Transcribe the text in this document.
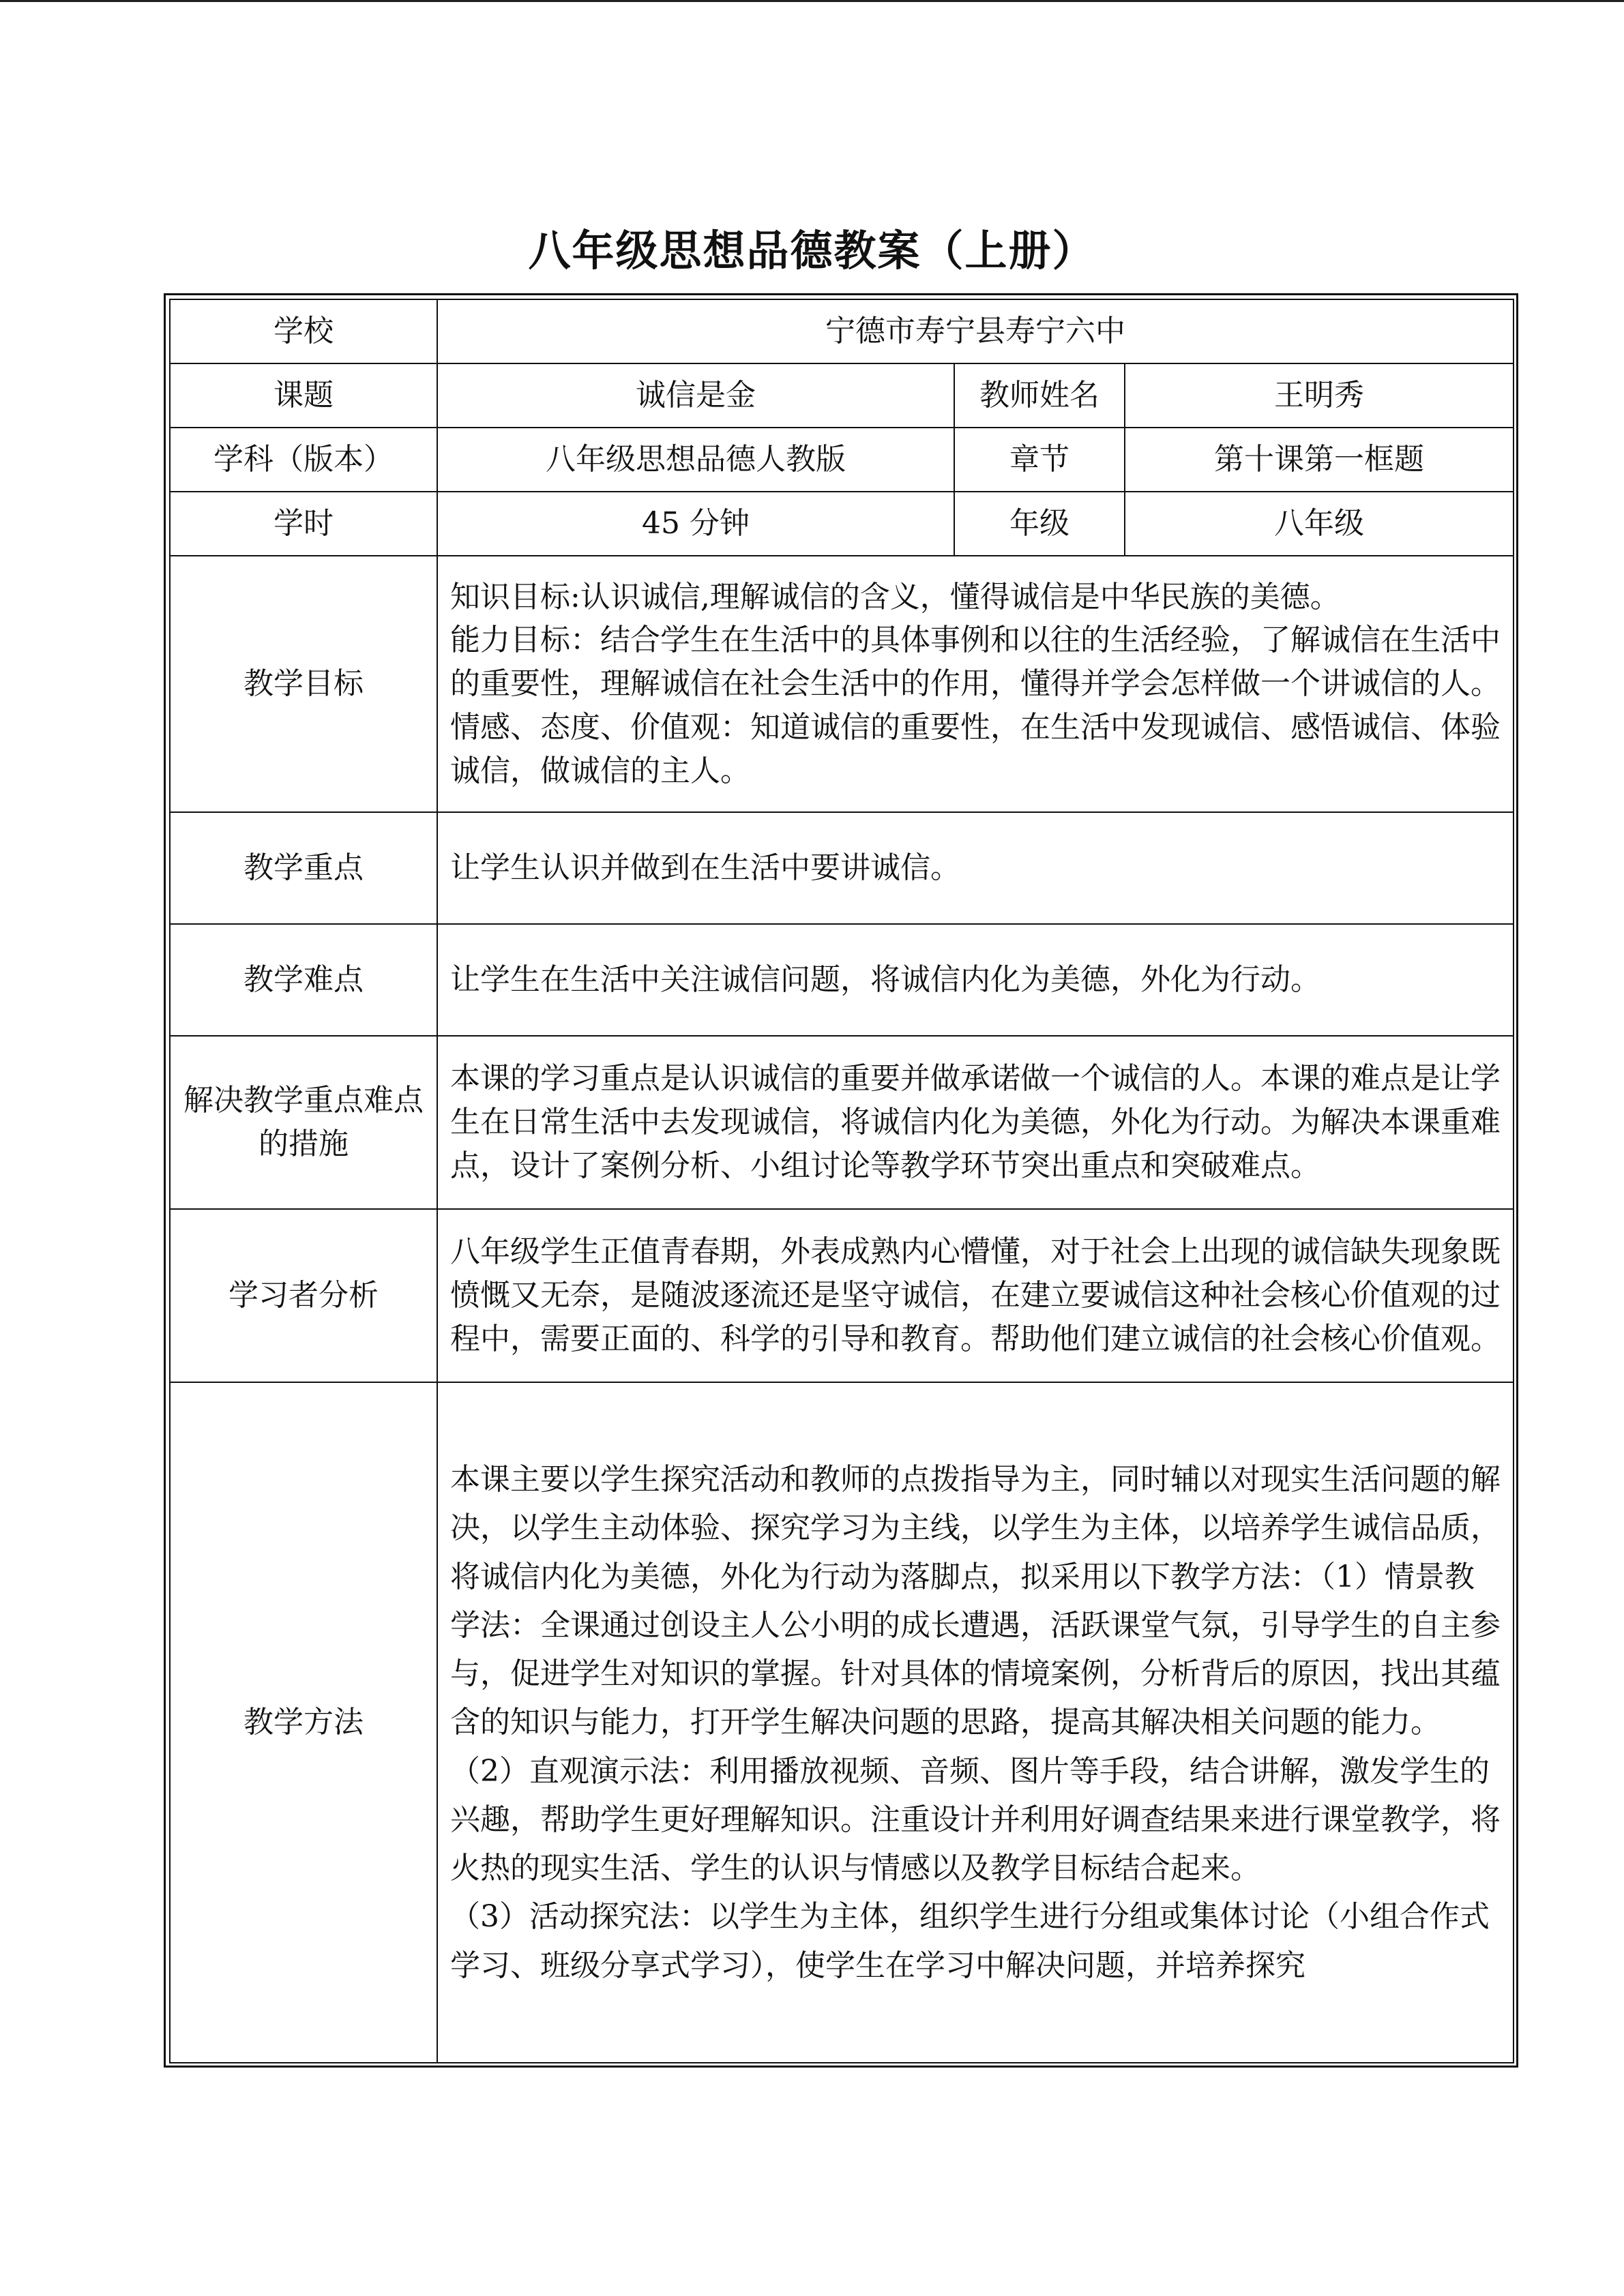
八年级思想品德教案（上册）
学校	宁德市寿宁县寿宁六中		
课题	诚信是金	教师姓名	王明秀
学科（版本）	八年级思想品德人教版	章节	第十课第一框题
学时	45 分钟	年级	八年级
教学目标	知识目标:认识诚信,理解诚信的含义，懂得诚信是中华民族的美德。

能力目标：结合学生在生活中的具体事例和以往的生活经验，了解诚信在生活中的重要性，理解诚信在社会生活中的作用，懂得并学会怎样做一个讲诚信的人。

情感、态度、价值观：知道诚信的重要性，在生活中发现诚信、感悟诚信、体验诚信，做诚信的主人。		

教学重点	让学生认识并做到在生活中要讲诚信。		
教学难点	让学生在生活中关注诚信问题，将诚信内化为美德，外化为行动。		
解决教学重点难点的措施	本课的学习重点是认识诚信的重要并做承诺做一个诚信的人。本课的难点是让学生在日常生活中去发现诚信，将诚信内化为美德，外化为行动。为解决本课重难点，设计了案例分析、小组讨论等教学环节突出重点和突破难点。		
学习者分析	八年级学生正值青春期，外表成熟内心懵懂，对于社会上出现的诚信缺失现象既愤慨又无奈，是随波逐流还是坚守诚信，在建立要诚信这种社会核心价值观的过程中，需要正面的、科学的引导和教育。帮助他们建立诚信的社会核心价值观。		
教学方法	本课主要以学生探究活动和教师的点拨指导为主，同时辅以对现实生活问题的解决，以学生主动体验、探究学习为主线，以学生为主体，以培养学生诚信品质，将诚信内化为美德，外化为行动为落脚点，拟采用以下教学方法：（1）情景教学法：全课通过创设主人公小明的成长遭遇，活跃课堂气氛，引导学生的自主参与，促进学生对知识的掌握。针对具体的情境案例，分析背后的原因，找出其蕴含的知识与能力，打开学生解决问题的思路，提高其解决相关问题的能力。

（2）直观演示法：利用播放视频、音频、图片等手段，结合讲解，激发学生的兴趣，帮助学生更好理解知识。注重设计并利用好调查结果来进行课堂教学，将火热的现实生活、学生的认识与情感以及教学目标结合起来。

（3）活动探究法：以学生为主体，组织学生进行分组或集体讨论（小组合作式学习、班级分享式学习），使学生在学习中解决问题，并培养探究		
